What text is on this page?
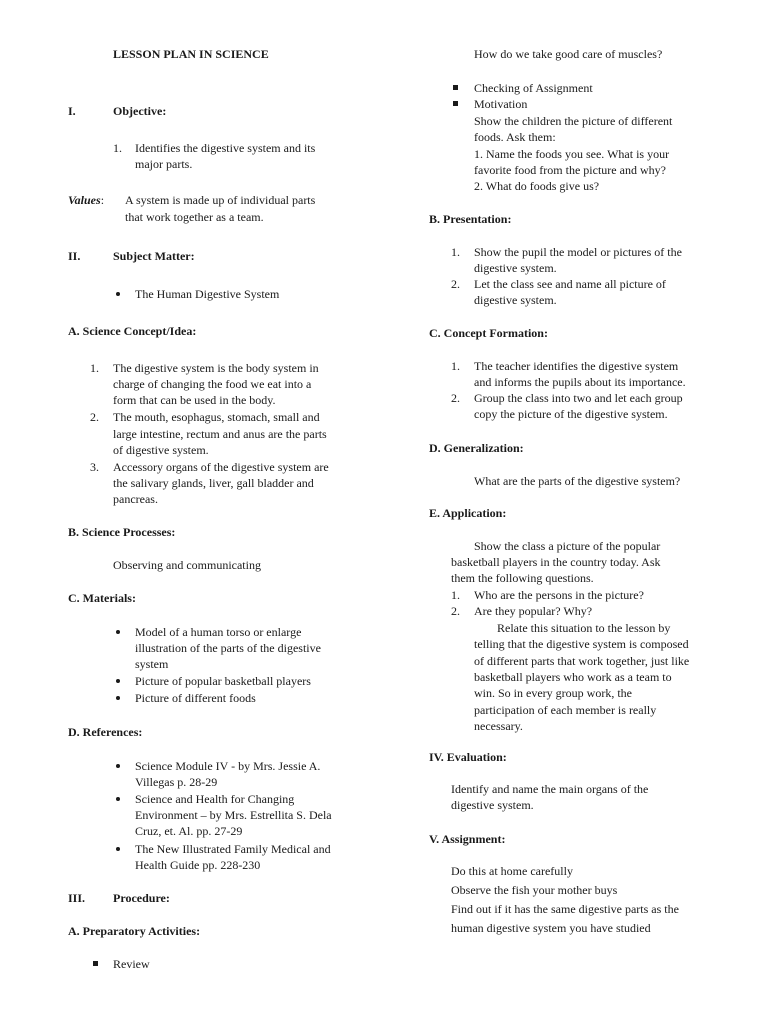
LESSON PLAN IN SCIENCE
I.	Objective:
1. Identifies the digestive system and its
major parts.
Values: A system is made up of individual parts
that work together as a team.
II.	Subject Matter:
The Human Digestive System
A. Science Concept/Idea:
1. The digestive system is the body system in
charge of changing the food we eat into a
form that can be used in the body.
2. The mouth, esophagus, stomach, small and
large intestine, rectum and anus are the parts
of digestive system.
3. Accessory organs of the digestive system are
the salivary glands, liver, gall bladder and
pancreas.
B. Science Processes:
Observing and communicating
C. Materials:
Model of a human torso or enlarge
illustration of the parts of the digestive
system
Picture of popular basketball players
Picture of different foods
D. References:
Science Module IV - by Mrs. Jessie A.
Villegas p. 28-29
Science and Health for Changing
Environment – by Mrs. Estrellita S. Dela
Cruz, et. Al. pp. 27-29
The New Illustrated Family Medical and
Health Guide pp. 228-230
III. Procedure:
A. Preparatory Activities:
Review
How do we take good care of muscles?
Checking of Assignment
Motivation
Show the children the picture of different
foods. Ask them:
1. Name the foods you see. What is your
favorite food from the picture and why?
2. What do foods give us?
B. Presentation:
1. Show the pupil the model or pictures of the
digestive system.
2. Let the class see and name all picture of
digestive system.
C. Concept Formation:
1. The teacher identifies the digestive system
and informs the pupils about its importance.
2. Group the class into two and let each group
copy the picture of the digestive system.
D. Generalization:
What are the parts of the digestive system?
E. Application:
Show the class a picture of the popular
basketball players in the country today. Ask
them the following questions.
1. Who are the persons in the picture?
2. Are they popular? Why?
Relate this situation to the lesson by
telling that the digestive system is composed
of different parts that work together, just like
basketball players who work as a team to
win. So in every group work, the
participation of each member is really
necessary.
IV. Evaluation:
Identify and name the main organs of the
digestive system.
V. Assignment:
Do this at home carefully
Observe the fish your mother buys
Find out if it has the same digestive parts as the
human digestive system you have studied
